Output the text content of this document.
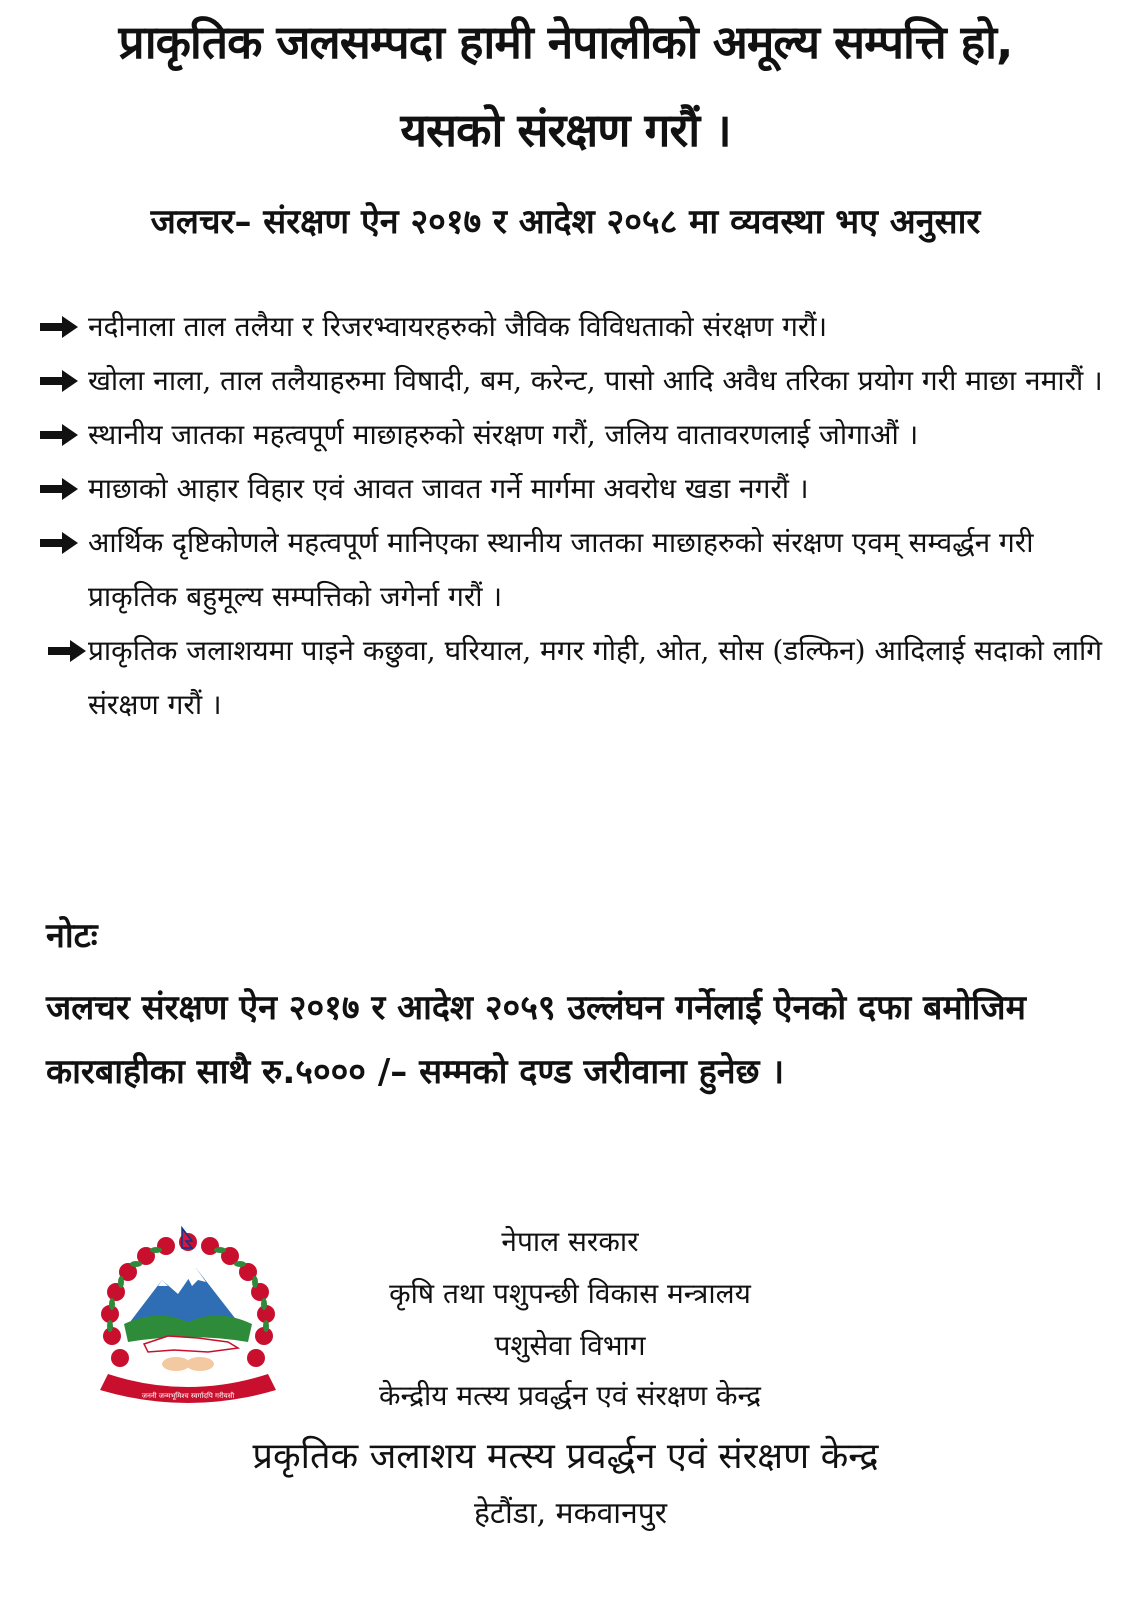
प्राकृतिक जलसम्पदा हामी नेपालीको अमूल्य सम्पत्ति हो,
यसको संरक्षण गरौं ।
जलचर– संरक्षण ऐन २०१७ र आदेश २०५८ मा व्यवस्था भए अनुसार
नदीनाला ताल तलैया र रिजरभ्वायरहरुको जैविक विविधताको संरक्षण गरौं।
खोला नाला, ताल तलैयाहरुमा विषादी, बम, करेन्ट, पासो आदि अवैध तरिका प्रयोग गरी माछा नमारौं ।
स्थानीय जातका महत्वपूर्ण माछाहरुको संरक्षण गरौं, जलिय वातावरणलाई जोगाऔं ।
माछाको आहार विहार एवं आवत जावत गर्ने मार्गमा अवरोध खडा नगरौं ।
आर्थिक दृष्टिकोणले महत्वपूर्ण मानिएका स्थानीय जातका माछाहरुको संरक्षण एवम् सम्वर्द्धन गरी प्राकृतिक बहुमूल्य सम्पत्तिको जगेर्ना गरौं ।
प्राकृतिक जलाशयमा पाइने कछुवा, घरियाल, मगर गोही, ओत, सोस (डल्फिन) आदिलाई सदाको लागि संरक्षण गरौं ।
नोटः
जलचर संरक्षण ऐन २०१७ र आदेश २०५९ उल्लंघन गर्नेलाई ऐनको दफा बमोजिम कारबाहीका साथै रु.५००० /– सम्मको दण्ड जरीवाना हुनेछ ।
जननी जन्मभूमिश्च स्वर्गादपि गरीयसी
नेपाल सरकार
कृषि तथा पशुपन्छी विकास मन्त्रालय
पशुसेवा विभाग
केन्द्रीय मत्स्य प्रवर्द्धन एवं संरक्षण केन्द्र
प्रकृतिक जलाशय मत्स्य प्रवर्द्धन एवं संरक्षण केन्द्र
हेटौंडा, मकवानपुर
